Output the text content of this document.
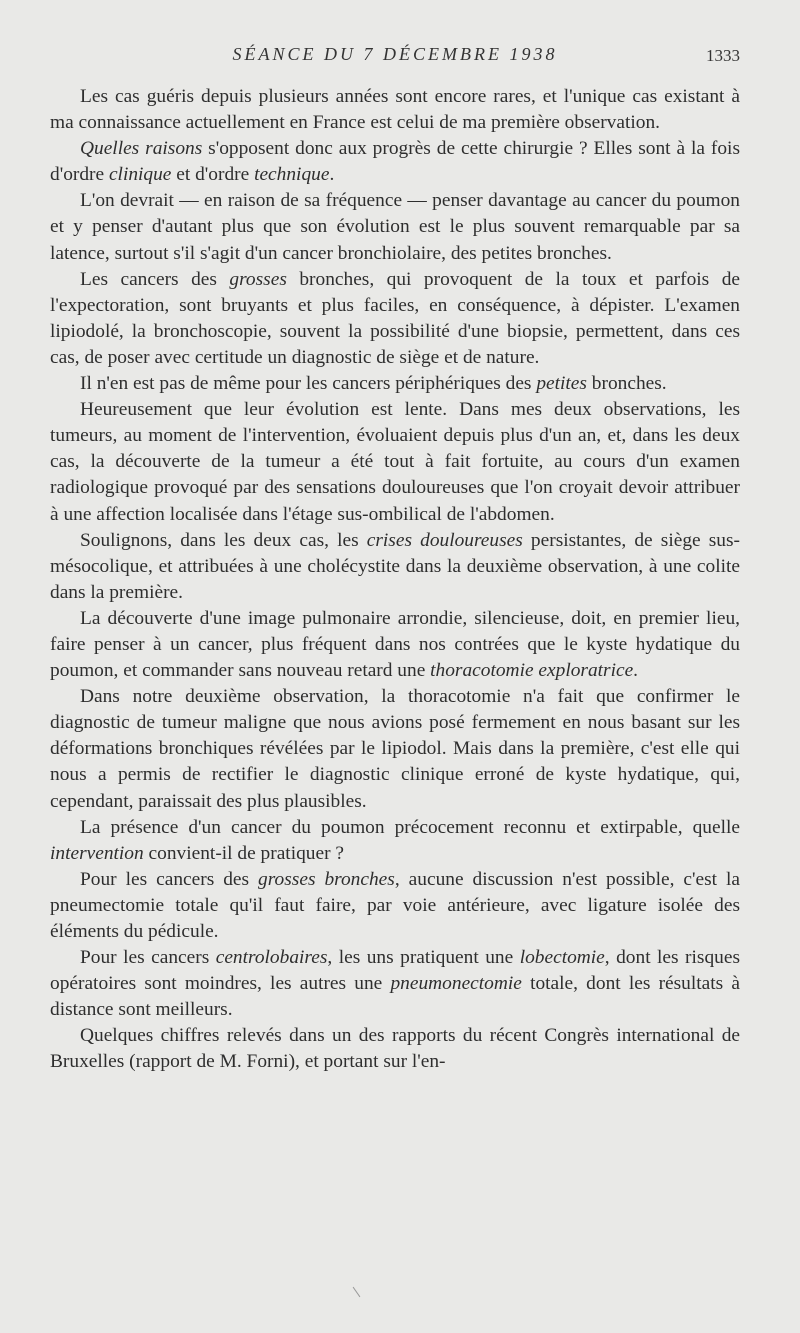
SÉANCE DU 7 DÉCEMBRE 1938	1333

Les cas guéris depuis plusieurs années sont encore rares, et l'unique cas existant à ma connaissance actuellement en France est celui de ma première observation.

Quelles raisons s'opposent donc aux progrès de cette chirurgie ? Elles sont à la fois d'ordre clinique et d'ordre technique.

L'on devrait — en raison de sa fréquence — penser davantage au cancer du poumon et y penser d'autant plus que son évolution est le plus souvent remarquable par sa latence, surtout s'il s'agit d'un cancer bronchiolaire, des petites bronches.

Les cancers des grosses bronches, qui provoquent de la toux et parfois de l'expectoration, sont bruyants et plus faciles, en conséquence, à dépister. L'examen lipiodolé, la bronchoscopie, souvent la possibilité d'une biopsie, permettent, dans ces cas, de poser avec certitude un diagnostic de siège et de nature.

Il n'en est pas de même pour les cancers périphériques des petites bronches.

Heureusement que leur évolution est lente. Dans mes deux observations, les tumeurs, au moment de l'intervention, évoluaient depuis plus d'un an, et, dans les deux cas, la découverte de la tumeur a été tout à fait fortuite, au cours d'un examen radiologique provoqué par des sensations douloureuses que l'on croyait devoir attribuer à une affection localisée dans l'étage sus-ombilical de l'abdomen.

Soulignons, dans les deux cas, les crises douloureuses persistantes, de siège sus-mésocolique, et attribuées à une cholécystite dans la deuxième observation, à une colite dans la première.

La découverte d'une image pulmonaire arrondie, silencieuse, doit, en premier lieu, faire penser à un cancer, plus fréquent dans nos contrées que le kyste hydatique du poumon, et commander sans nouveau retard une thoracotomie exploratrice.

Dans notre deuxième observation, la thoracotomie n'a fait que confirmer le diagnostic de tumeur maligne que nous avions posé fermement en nous basant sur les déformations bronchiques révélées par le lipiodol. Mais dans la première, c'est elle qui nous a permis de rectifier le diagnostic clinique erroné de kyste hydatique, qui, cependant, paraissait des plus plausibles.

La présence d'un cancer du poumon précocement reconnu et extirpable, quelle intervention convient-il de pratiquer ?

Pour les cancers des grosses bronches, aucune discussion n'est possible, c'est la pneumectomie totale qu'il faut faire, par voie antérieure, avec ligature isolée des éléments du pédicule.

Pour les cancers centrolobaires, les uns pratiquent une lobectomie, dont les risques opératoires sont moindres, les autres une pneumonectomie totale, dont les résultats à distance sont meilleurs.

Quelques chiffres relevés dans un des rapports du récent Congrès international de Bruxelles (rapport de M. Forni), et portant sur l'en-
